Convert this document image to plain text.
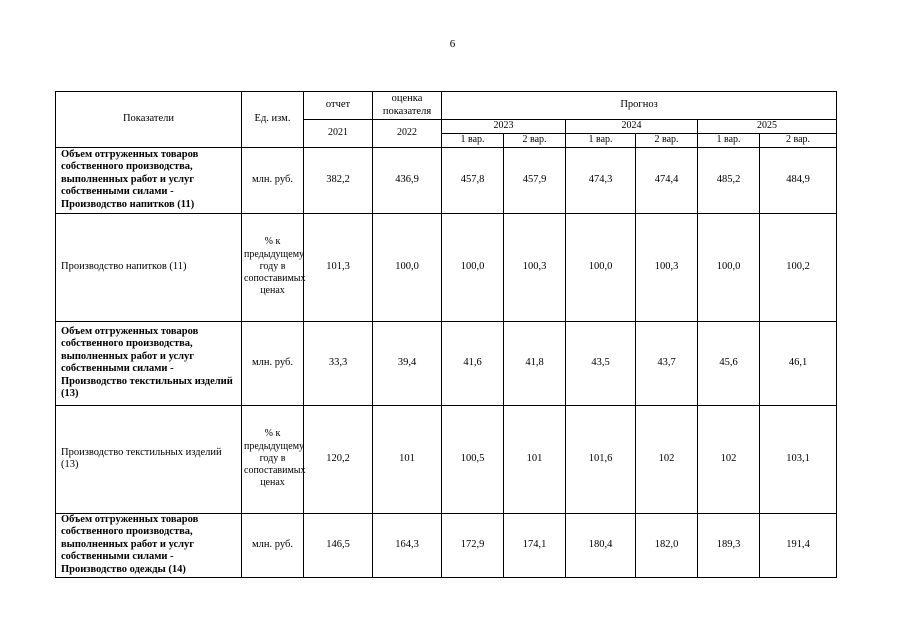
6
Показатели	Ед. изм.	отчет	оценка показателя	Прогноз					
		2021	2022	2023		2024		2025	
				1 вар.	2 вар.	1 вар.	2 вар.	1 вар.	2 вар.
Объем отгруженных товаров собственного производства, выполненных работ и услуг собственными силами - Производство напитков (11)	млн. руб.	382,2	436,9	457,8	457,9	474,3	474,4	485,2	484,9
Производство напитков (11)	% к предыдущему году в сопоставимых ценах	101,3	100,0	100,0	100,3	100,0	100,3	100,0	100,2
Объем отгруженных товаров собственного производства, выполненных работ и услуг собственными силами - Производство текстильных изделий (13)	млн. руб.	33,3	39,4	41,6	41,8	43,5	43,7	45,6	46,1
Производство текстильных изделий (13)	% к предыдущему году в сопоставимых ценах	120,2	101	100,5	101	101,6	102	102	103,1
Объем отгруженных товаров собственного производства, выполненных работ и услуг собственными силами - Производство одежды (14)	млн. руб.	146,5	164,3	172,9	174,1	180,4	182,0	189,3	191,4
